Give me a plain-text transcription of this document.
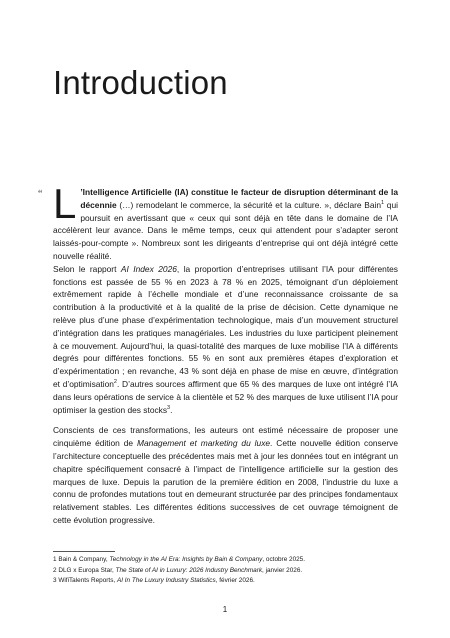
Introduction
“ L ’Intelligence Artificielle (IA) constitue le facteur de disruption déterminant de la décennie (…) remodelant le commerce, la sécurité et la culture. », déclare Bain$^1$ qui poursuit en avertissant que « ceux qui sont déjà en tête dans le domaine de l’IA accélèrent leur avance. Dans le même temps, ceux qui attendent pour s’adapter seront laissés-pour-compte ». Nombreux sont les dirigeants d’entreprise qui ont déjà intégré cette nouvelle réalité.

Selon le rapport AI Index 2026, la proportion d’entreprises utilisant l’IA pour différentes fonctions est passée de 55 % en 2023 à 78 % en 2025, témoignant d’un déploiement extrêmement rapide à l’échelle mondiale et d’une reconnaissance croissante de sa contribution à la productivité et à la qualité de la prise de décision. Cette dynamique ne relève plus d’une phase d’expérimentation technologique, mais d’un mouvement structurel d’intégration dans les pratiques managériales. Les industries du luxe participent pleinement à ce mouvement. Aujourd’hui, la quasi-totalité des marques de luxe mobilise l’IA à différents degrés pour différentes fonctions. 55 % en sont aux premières étapes d’exploration et d’expérimentation ; en revanche, 43 % sont déjà en phase de mise en œuvre, d’intégration et d’optimisation$^2$. D’autres sources affirment que 65 % des marques de luxe ont intégré l’IA dans leurs opérations de service à la clientèle et 52 % des marques de luxe utilisent l’IA pour optimiser la gestion des stocks$^3$.

Conscients de ces transformations, les auteurs ont estimé nécessaire de proposer une cinquième édition de Management et marketing du luxe. Cette nouvelle édition conserve l’architecture conceptuelle des précédentes mais met à jour les données tout en intégrant un chapitre spécifiquement consacré à l’impact de l’intelligence artificielle sur la gestion des marques de luxe. Depuis la parution de la première édition en 2008, l’industrie du luxe a connu de profondes mutations tout en demeurant structurée par des principes fondamentaux relativement stables. Les différentes éditions successives de cet ouvrage témoignent de cette évolution progressive.

1 Bain & Company, Technology in the AI Era: Insights by Bain & Company, octobre 2025.
2 DLG x Europa Star, The State of AI in Luxury: 2026 Industry Benchmark, janvier 2026.
3 WifiTalents Reports, AI In The Luxury Industry Statistics, février 2026.
1
